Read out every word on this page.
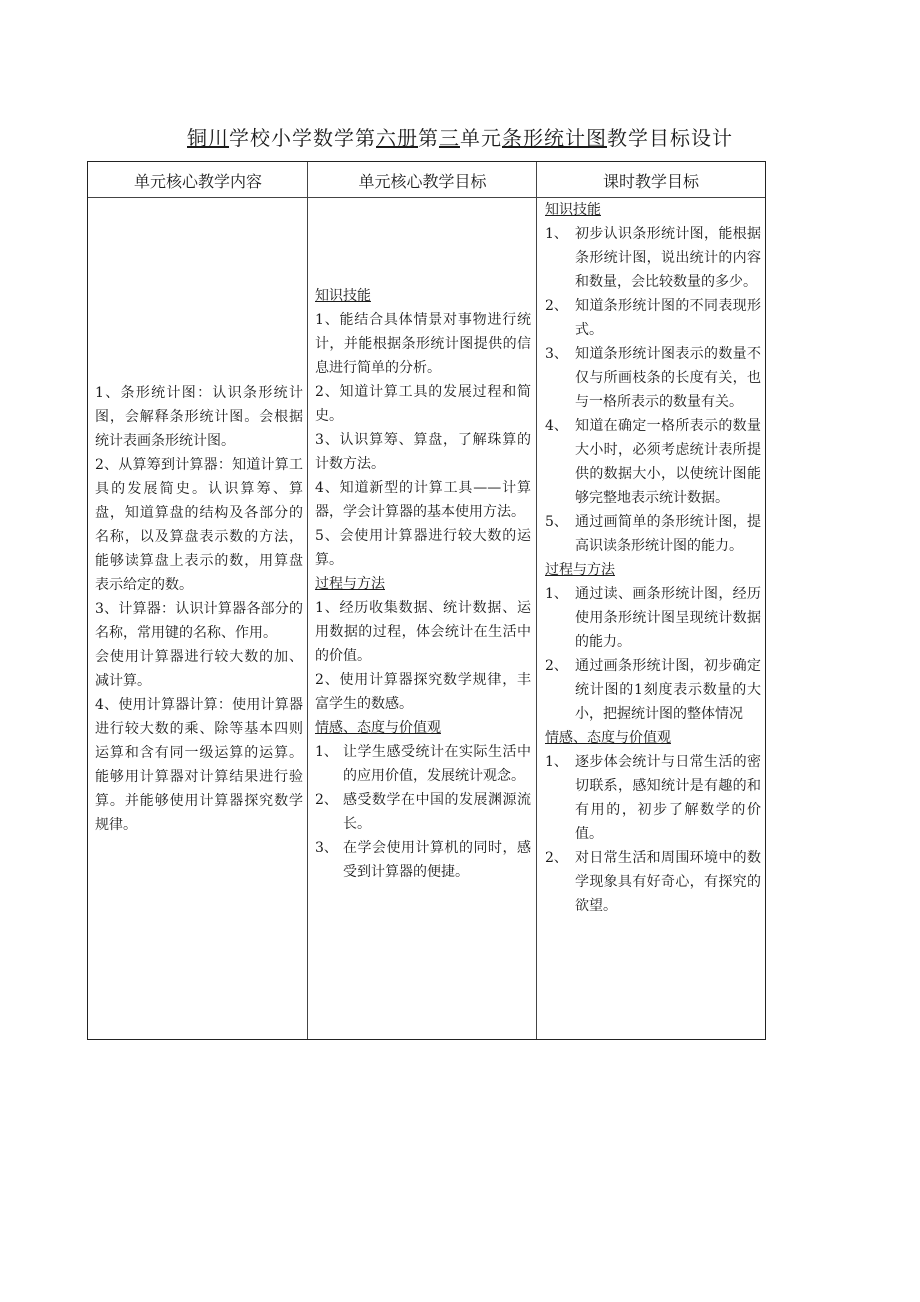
铜川学校小学数学第六册第三单元条形统计图教学目标设计
单元核心教学内容	单元核心教学目标	课时教学目标

1、条形统计图：认识条形统计图，会解释条形统计图。会根据统计表画条形统计图。

2、从算筹到计算器：知道计算工具的发展简史。认识算筹、算盘，知道算盘的结构及各部分的名称，以及算盘表示数的方法，能够读算盘上表示的数，用算盘表示给定的数。

3、计算器：认识计算器各部分的名称，常用键的名称、作用。

会使用计算器进行较大数的加、减计算。

4、使用计算器计算：使用计算器进行较大数的乘、除等基本四则运算和含有同一级运算的运算。能够用计算器对计算结果进行验算。并能够使用计算器探究数学规律。

知识技能

1、能结合具体情景对事物进行统计，并能根据条形统计图提供的信息进行简单的分析。

2、知道计算工具的发展过程和简史。

3、认识算筹、算盘，了解珠算的计数方法。

4、知道新型的计算工具——计算器，学会计算器的基本使用方法。

5、会使用计算器进行较大数的运算。

过程与方法

1、经历收集数据、统计数据、运用数据的过程，体会统计在生活中的价值。

2、使用计算器探究数学规律，丰富学生的数感。

情感、态度与价值观

1、 让学生感受统计在实际生活中的应用价值，发展统计观念。

2、 感受数学在中国的发展渊源流长。

3、 在学会使用计算机的同时，感受到计算器的便捷。

知识技能

1、 初步认识条形统计图，能根据条形统计图，说出统计的内容和数量，会比较数量的多少。

2、 知道条形统计图的不同表现形式。

3、 知道条形统计图表示的数量不仅与所画枝条的长度有关，也与一格所表示的数量有关。

4、 知道在确定一格所表示的数量大小时，必须考虑统计表所提供的数据大小，以使统计图能够完整地表示统计数据。

5、 通过画简单的条形统计图，提高识读条形统计图的能力。

过程与方法

1、 通过读、画条形统计图，经历使用条形统计图呈现统计数据的能力。

2、 通过画条形统计图，初步确定统计图的1刻度表示数量的大小，把握统计图的整体情况

情感、态度与价值观

1、 逐步体会统计与日常生活的密切联系，感知统计是有趣的和有用的，初步了解数学的价值。

2、 对日常生活和周围环境中的数学现象具有好奇心，有探究的欲望。
